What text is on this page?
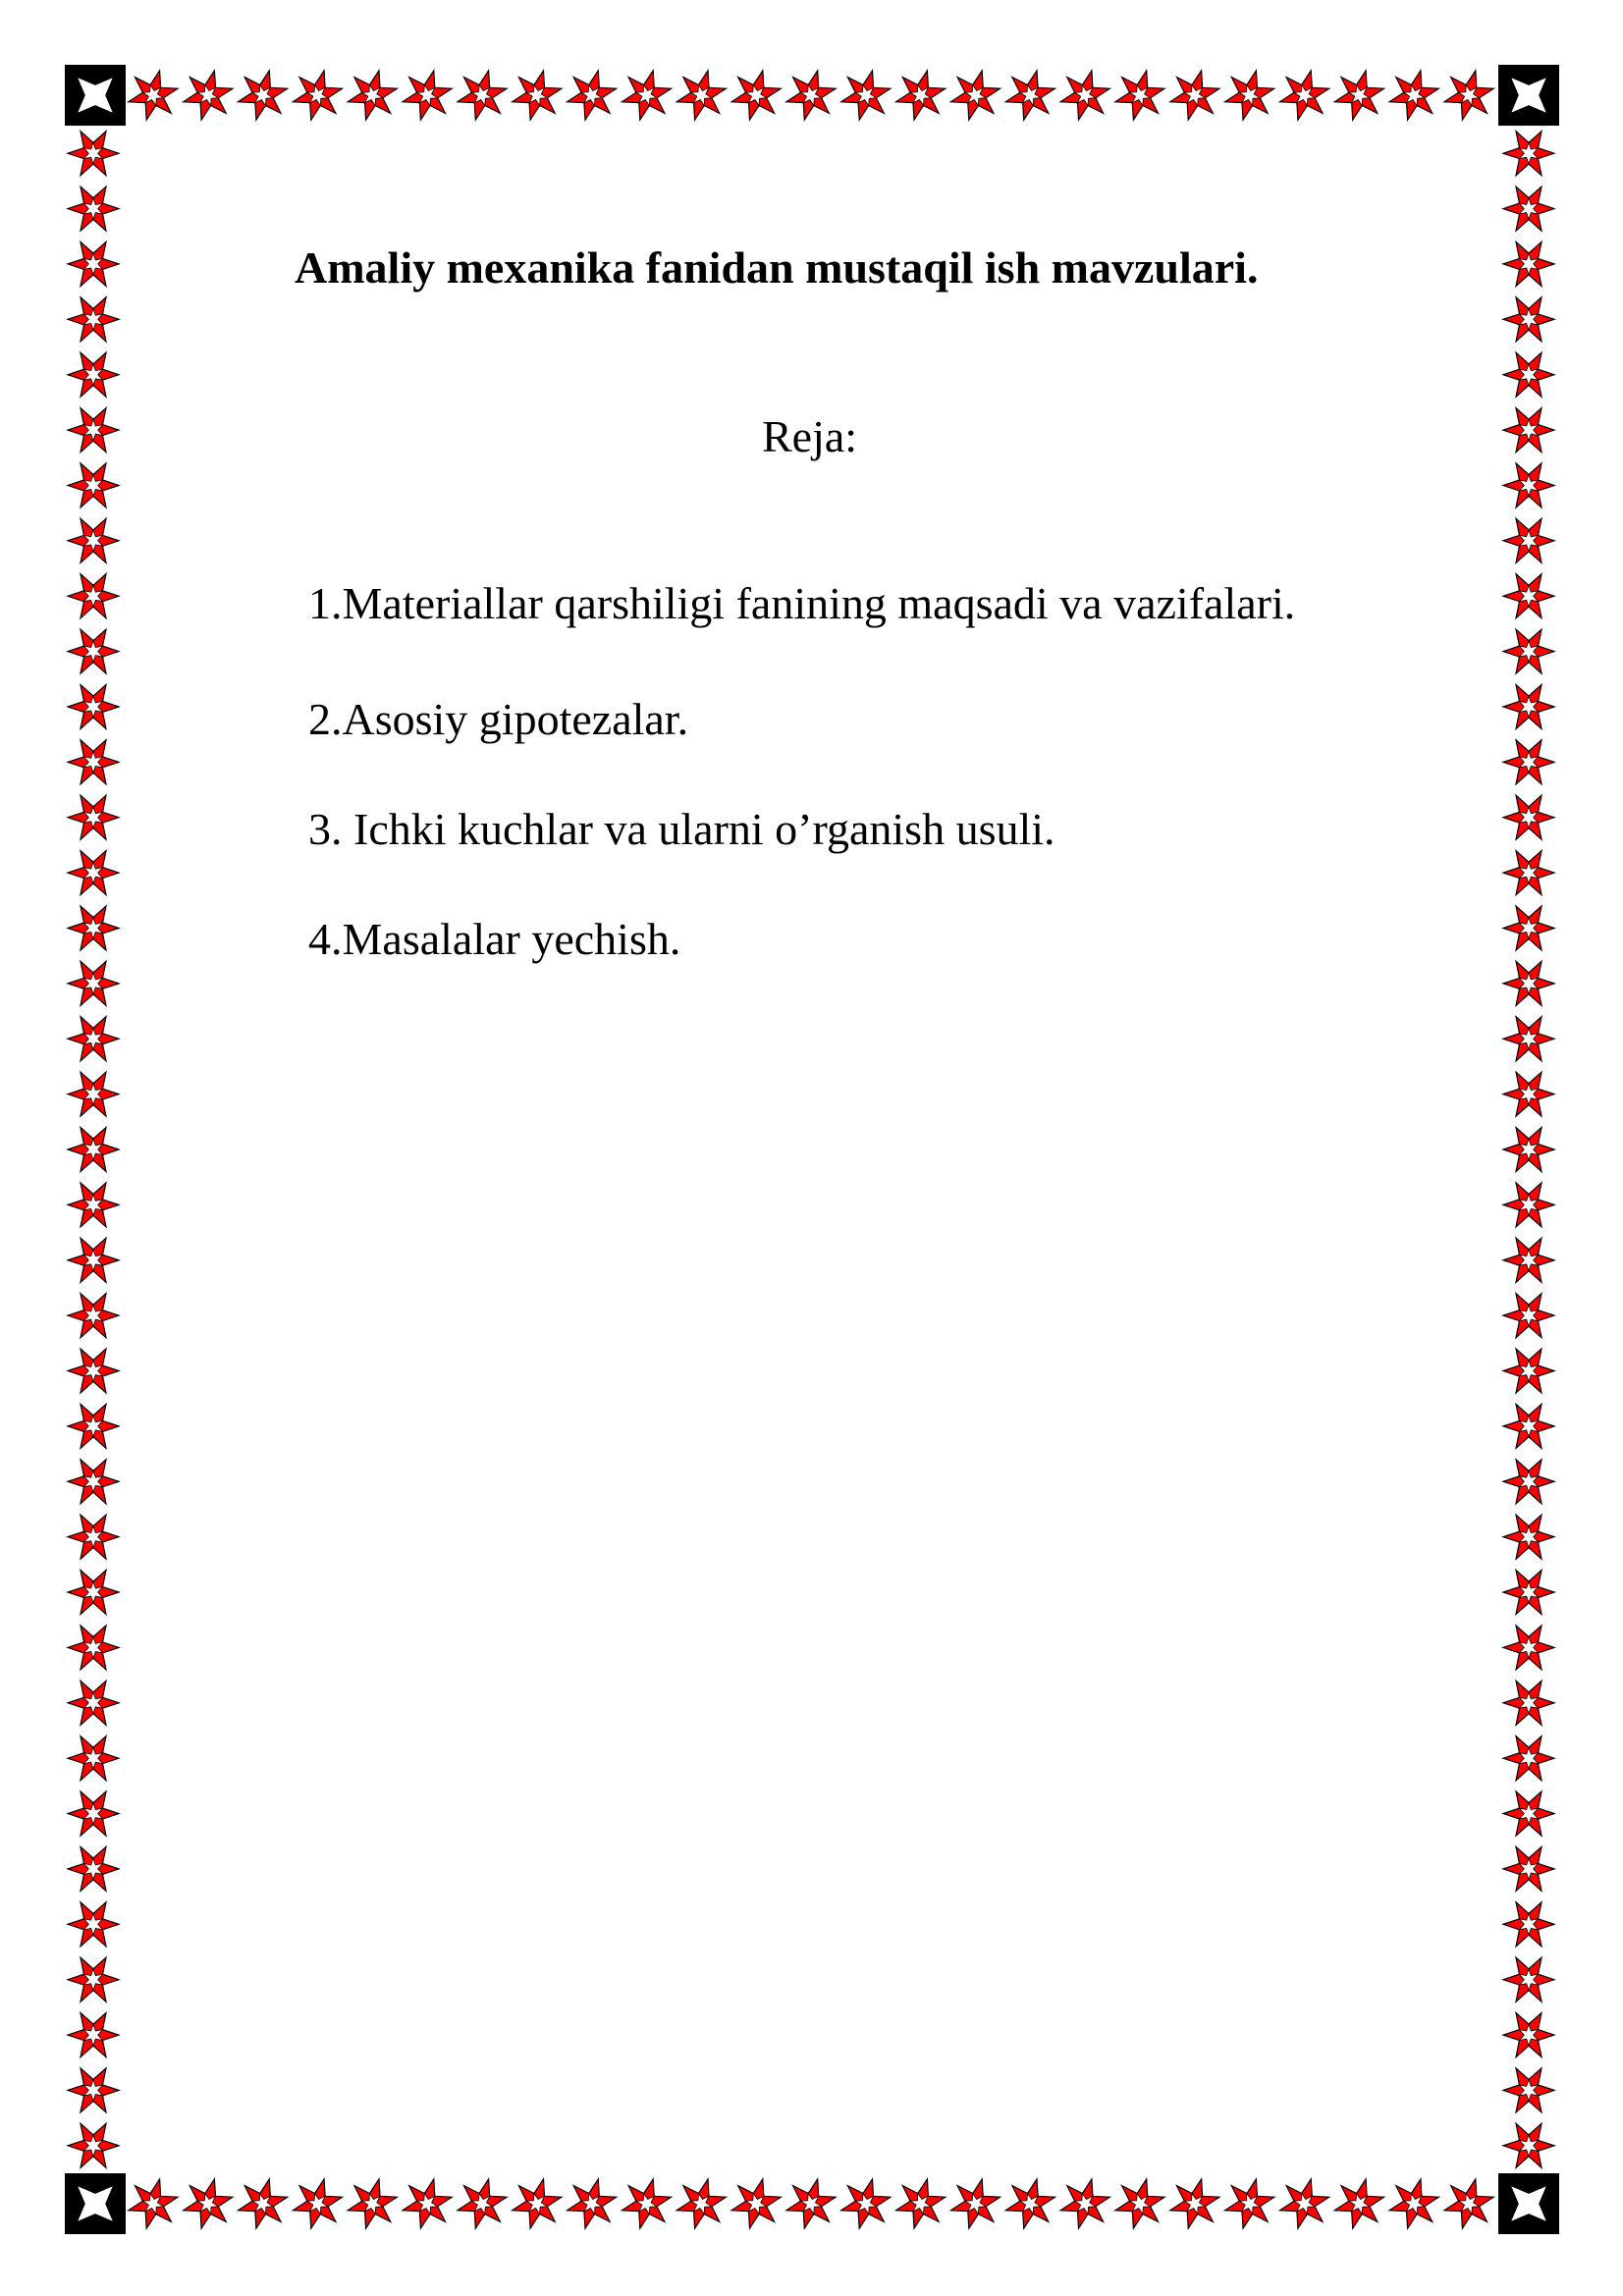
Amaliy mexanika fanidan mustaqil ish mavzulari.
Reja:
1.Materiallar qarshiligi fanining maqsadi va vazifalari.
2.Asosiy gipotezalar.
3. Ichki kuchlar va ularni o’rganish usuli.
4.Masalalar yechish.
